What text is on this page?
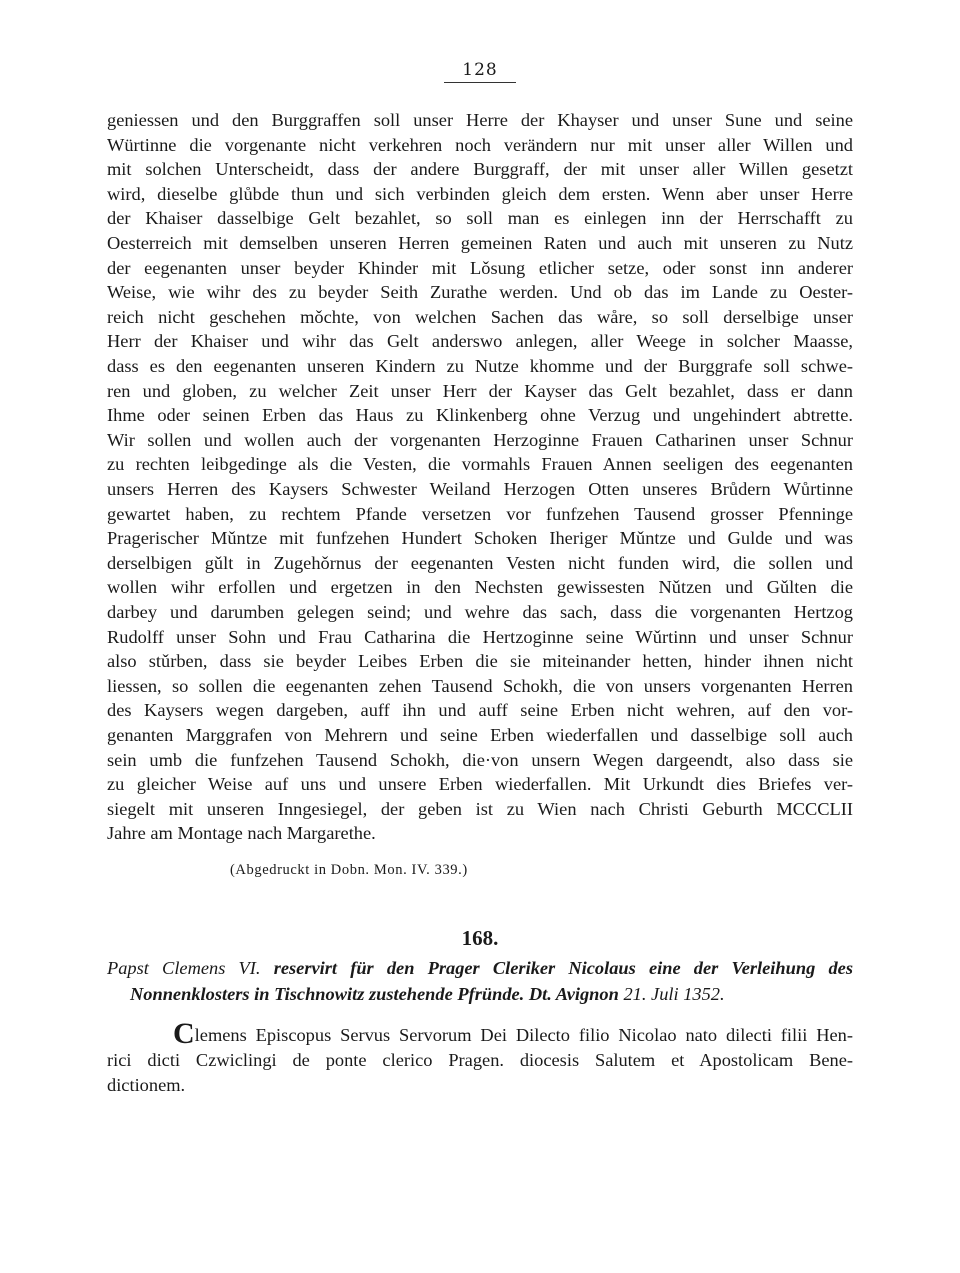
128
geniessen und den Burggraffen soll unser Herre der Khayser und unser Sune und seine
Würtinne die vorgenante nicht verkehren noch verändern nur mit unser aller Willen und
mit solchen Unterscheidt, dass der andere Burggraff, der mit unser aller Willen gesetzt
wird, dieselbe glůbde thun und sich verbinden gleich dem ersten. Wenn aber unser Herre
der Khaiser dasselbige Gelt bezahlet, so soll man es einlegen inn der Herrschafft zu
Oesterreich mit demselben unseren Herren gemeinen Raten und auch mit unseren zu Nutz
der eegenanten unser beyder Khinder mit Lǒsung etlicher setze, oder sonst inn anderer
Weise, wie wihr des zu beyder Seith Zurathe werden. Und ob das im Lande zu Oester-
reich nicht geschehen mǒchte, von welchen Sachen das wåre, so soll derselbige unser
Herr der Khaiser und wihr das Gelt anderswo anlegen, aller Weege in solcher Maasse,
dass es den eegenanten unseren Kindern zu Nutze khomme und der Burggrafe soll schwe-
ren und globen, zu welcher Zeit unser Herr der Kayser das Gelt bezahlet, dass er dann
Ihme oder seinen Erben das Haus zu Klinkenberg ohne Verzug und ungehindert abtrette.
Wir sollen und wollen auch der vorgenanten Herzoginne Frauen Catharinen unser Schnur
zu rechten leibgedinge als die Vesten, die vormahls Frauen Annen seeligen des eegenanten
unsers Herren des Kaysers Schwester Weiland Herzogen Otten unseres Brůdern Wůrtinne
gewartet haben, zu rechtem Pfande versetzen vor funfzehen Tausend grosser Pfenninge
Pragerischer Mǔntze mit funfzehen Hundert Schoken Iheriger Mǔntze und Gulde und was
derselbigen gǔlt in Zugehǒrnus der eegenanten Vesten nicht funden wird, die sollen und
wollen wihr erfollen und ergetzen in den Nechsten gewissesten Nǔtzen und Gǔlten die
darbey und darumben gelegen seind; und wehre das sach, dass die vorgenanten Hertzog
Rudolff unser Sohn und Frau Catharina die Hertzoginne seine Wǔrtinn und unser Schnur
also stǔrben, dass sie beyder Leibes Erben die sie miteinander hetten, hinder ihnen nicht
liessen, so sollen die eegenanten zehen Tausend Schokh, die von unsers vorgenanten Herren
des Kaysers wegen dargeben, auff ihn und auff seine Erben nicht wehren, auf den vor-
genanten Marggrafen von Mehrern und seine Erben wiederfallen und dasselbige soll auch
sein umb die funfzehen Tausend Schokh, die·von unsern Wegen dargeendt, also dass sie
zu gleicher Weise auf uns und unsere Erben wiederfallen. Mit Urkundt dies Briefes ver-
siegelt mit unseren Inngesiegel, der geben ist zu Wien nach Christi Geburth MCCCLII
Jahre am Montage nach Margarethe.
(Abgedruckt in Dobn. Mon. IV. 339.)
168.
Papst Clemens VI. reservirt für den Prager Cleriker Nicolaus eine der Verleihung des
Nonnenklosters in Tischnowitz zustehende Pfründe. Dt. Avignon 21. Juli 1352.
Clemens Episcopus Servus Servorum Dei Dilecto filio Nicolao nato dilecti filii Hen-
rici dicti Czwiclingi de ponte clerico Pragen. diocesis Salutem et Apostolicam Bene-
dictionem.
